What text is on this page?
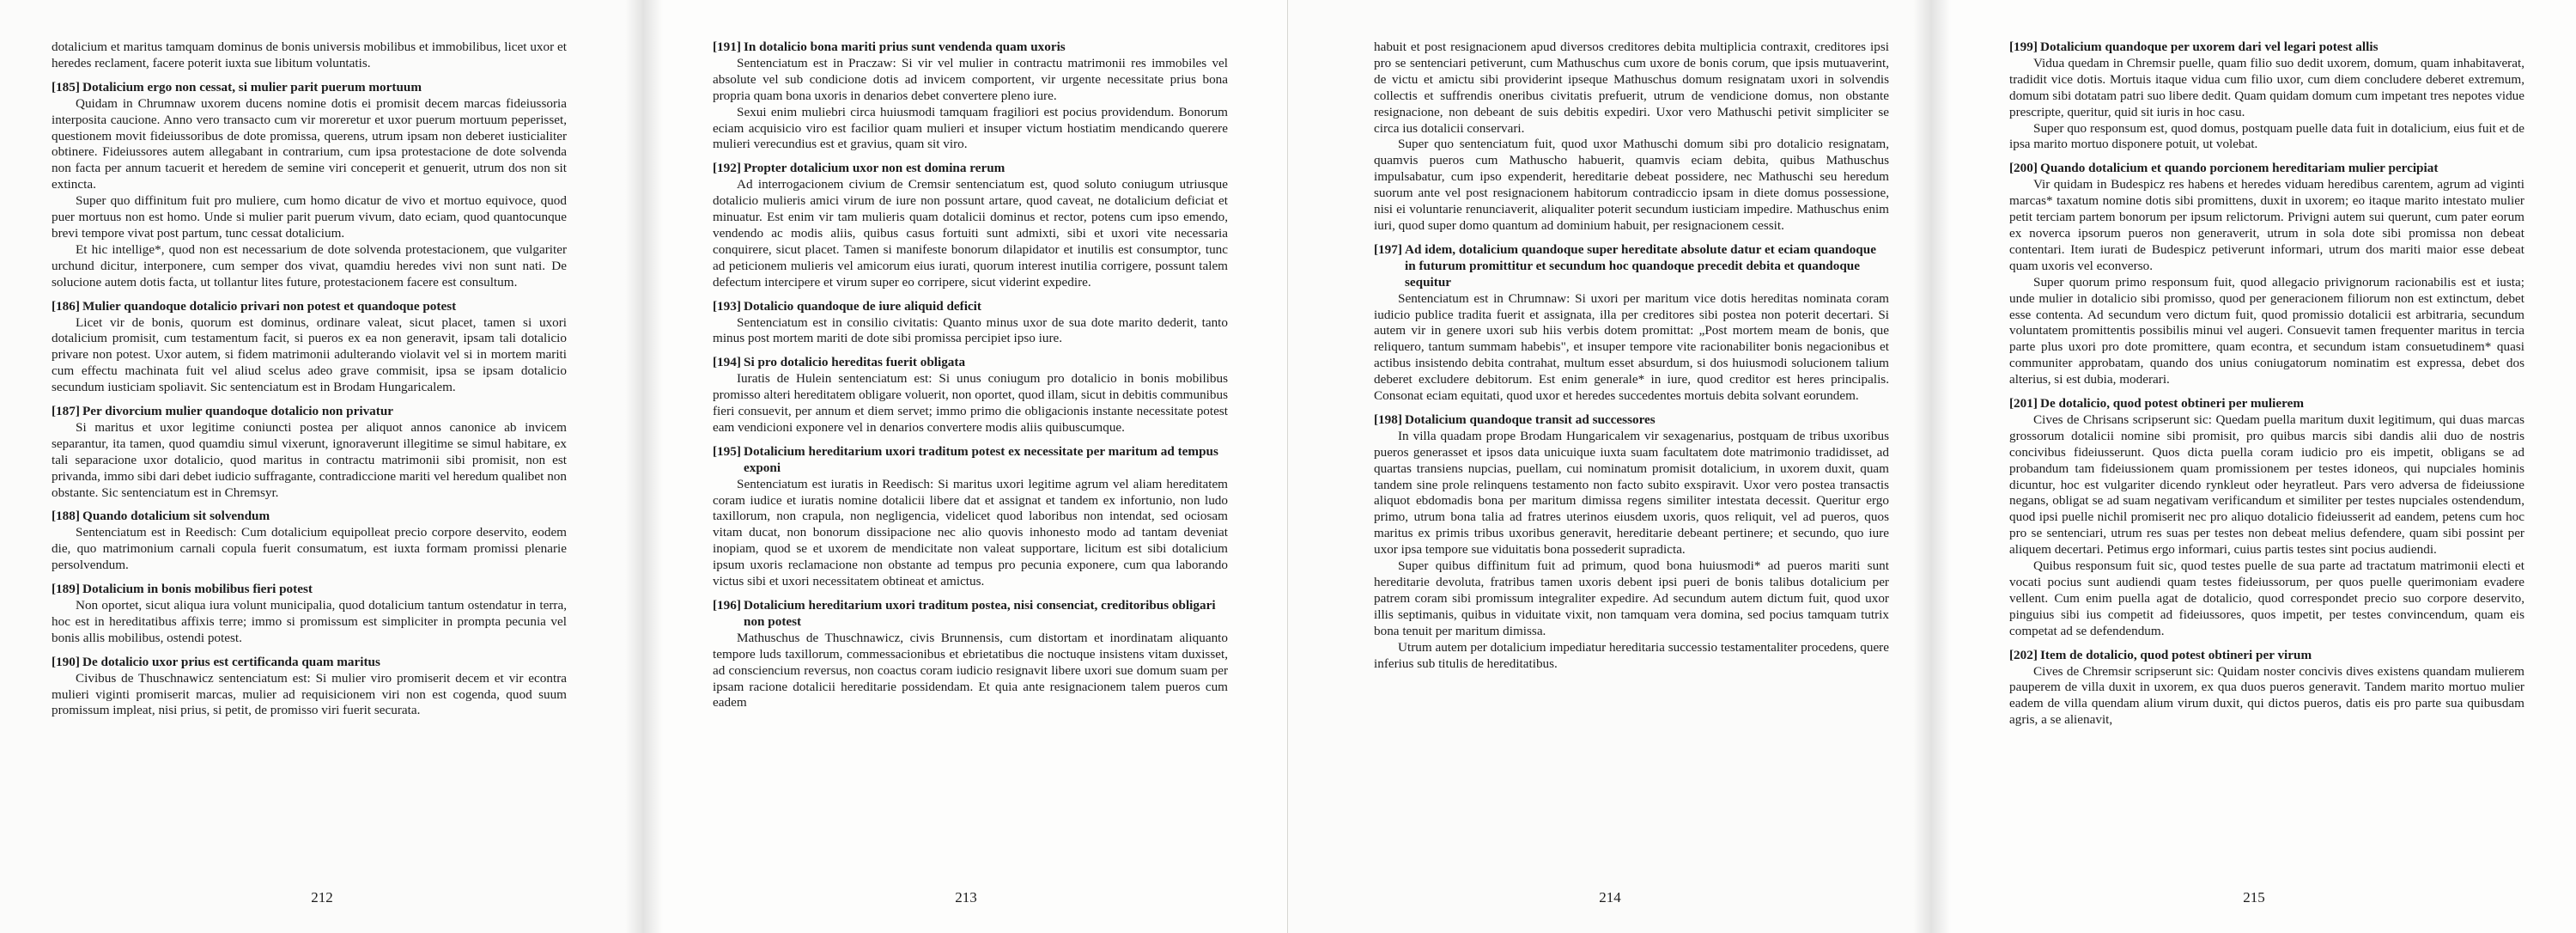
dotalicium et maritus tamquam dominus de bonis universis mobilibus et immobilibus, licet uxor et heredes reclament, facere poterit iuxta sue libitum voluntatis.

[185] Dotalicium ergo non cessat, si mulier parit puerum mortuum

Quidam in Chrumnaw uxorem ducens nomine dotis ei promisit decem marcas fideiussoria interposita caucione. Anno vero transacto cum vir moreretur et uxor puerum mortuum peperisset, questionem movit fideiussoribus de dote promissa, querens, utrum ipsam non deberet iusticialiter obtinere. Fideiussores autem allegabant in contrarium, cum ipsa protestacione de dote solvenda non facta per annum tacuerit et heredem de semine viri conceperit et genuerit, utrum dos non sit extincta.

Super quo diffinitum fuit pro muliere, cum homo dicatur de vivo et mortuo equivoce, quod puer mortuus non est homo. Unde si mulier parit puerum vivum, dato eciam, quod quantocunque brevi tempore vivat post partum, tunc cessat dotalicium.

Et hic intellige*, quod non est necessarium de dote solvenda protestacionem, que vulgariter urchund dicitur, interponere, cum semper dos vivat, quamdiu heredes vivi non sunt nati. De solucione autem dotis facta, ut tollantur lites future, protestacionem facere est consultum.

[186] Mulier quandoque dotalicio privari non potest et quandoque potest

Licet vir de bonis, quorum est dominus, ordinare valeat, sicut placet, tamen si uxori dotalicium promisit, cum testamentum facit, si pueros ex ea non generavit, ipsam tali dotalicio privare non potest. Uxor autem, si fidem matrimonii adulterando violavit vel si in mortem mariti cum effectu machinata fuit vel aliud scelus adeo grave commisit, ipsa se ipsam dotalicio secundum iusticiam spoliavit. Sic sentenciatum est in Brodam Hungaricalem.

[187] Per divorcium mulier quandoque dotalicio non privatur

Si maritus et uxor legitime coniuncti postea per aliquot annos canonice ab invicem separantur, ita tamen, quod quamdiu simul vixerunt, ignoraverunt illegitime se simul habitare, ex tali separacione uxor dotalicio, quod maritus in contractu matrimonii sibi promisit, non est privanda, immo sibi dari debet iudicio suffragante, contradiccione mariti vel heredum qualibet non obstante. Sic sentenciatum est in Chremsyr.

[188] Quando dotalicium sit solvendum

Sentenciatum est in Reedisch: Cum dotalicium equipolleat precio corpore deservito, eodem die, quo matrimonium carnali copula fuerit consumatum, est iuxta formam promissi plenarie persolvendum.

[189] Dotalicium in bonis mobilibus fieri potest

Non oportet, sicut aliqua iura volunt municipalia, quod dotalicium tantum ostendatur in terra, hoc est in hereditatibus affixis terre; immo si promissum est simpliciter in prompta pecunia vel bonis allis mobilibus, ostendi potest.

[190] De dotalicio uxor prius est certificanda quam maritus

Civibus de Thuschnawicz sentenciatum est: Si mulier viro promiserit decem et vir econtra mulieri viginti promiserit marcas, mulier ad requisicionem viri non est cogenda, quod suum promissum impleat, nisi prius, si petit, de promisso viri fuerit securata.

212
[191] In dotalicio bona mariti prius sunt vendenda quam uxoris

Sentenciatum est in Praczaw: Si vir vel mulier in contractu matrimonii res immobiles vel absolute vel sub condicione dotis ad invicem comportent, vir urgente necessitate prius bona propria quam bona uxoris in denarios debet convertere pleno iure.

Sexui enim muliebri circa huiusmodi tamquam fragiliori est pocius providendum. Bonorum eciam acquisicio viro est facilior quam mulieri et insuper victum hostiatim mendicando querere mulieri verecundius est et gravius, quam sit viro.

[192] Propter dotalicium uxor non est domina rerum

Ad interrogacionem civium de Cremsir sentenciatum est, quod soluto coniugum utriusque dotalicio mulieris amici virum de iure non possunt artare, quod caveat, ne dotalicium deficiat et minuatur. Est enim vir tam mulieris quam dotalicii dominus et rector, potens cum ipso emendo, vendendo ac modis aliis, quibus casus fortuiti sunt admixti, sibi et uxori vite necessaria conquirere, sicut placet. Tamen si manifeste bonorum dilapidator et inutilis est consumptor, tunc ad peticionem mulieris vel amicorum eius iurati, quorum interest inutilia corrigere, possunt talem defectum intercipere et virum super eo corripere, sicut viderint expedire.

[193] Dotalicio quandoque de iure aliquid deficit

Sentenciatum est in consilio civitatis: Quanto minus uxor de sua dote marito dederit, tanto minus post mortem mariti de dote sibi promissa percipiet ipso iure.

[194] Si pro dotalicio hereditas fuerit obligata

Iuratis de Hulein sentenciatum est: Si unus coniugum pro dotalicio in bonis mobilibus promisso alteri hereditatem obligare voluerit, non oportet, quod illam, sicut in debitis communibus fieri consuevit, per annum et diem servet; immo primo die obligacionis instante necessitate potest eam vendicioni exponere vel in denarios convertere modis aliis quibuscumque.

[195] Dotalicium hereditarium uxori traditum potest ex necessitate per maritum ad tempus exponi

Sentenciatum est iuratis in Reedisch: Si maritus uxori legitime agrum vel aliam hereditatem coram iudice et iuratis nomine dotalicii libere dat et assignat et tandem ex infortunio, non ludo taxillorum, non crapula, non negligencia, videlicet quod laboribus non intendat, sed ociosam vitam ducat, non bonorum dissipacione nec alio quovis inhonesto modo ad tantam deveniat inopiam, quod se et uxorem de mendicitate non valeat supportare, licitum est sibi dotalicium ipsum uxoris reclamacione non obstante ad tempus pro pecunia exponere, cum qua laborando victus sibi et uxori necessitatem obtineat et amictus.

[196] Dotalicium hereditarium uxori traditum postea, nisi consenciat, creditoribus obligari non potest

Mathuschus de Thuschnawicz, civis Brunnensis, cum distortam et inordinatam aliquanto tempore luds taxillorum, commessacionibus et ebrietatibus die noctuque insistens vitam duxisset, ad consciencium reversus, non coactus coram iudicio resignavit libere uxori sue domum suam per ipsam racione dotalicii hereditarie possidendam. Et quia ante resignacionem talem pueros cum eadem

213

habuit et post resignacionem apud diversos creditores debita multiplicia contraxit, creditores ipsi pro se sentenciari petiverunt, cum Mathuschus cum uxore de bonis corum, que ipsis mutuaverint, de victu et amictu sibi providerint ipseque Mathuschus domum resignatam uxori in solvendis collectis et suffrendis oneribus civitatis prefuerit, utrum de vendicione domus, non obstante resignacione, non debeant de suis debitis expediri. Uxor vero Mathuschi petivit simpliciter se circa ius dotalicii conservari.

Super quo sentenciatum fuit, quod uxor Mathuschi domum sibi pro dotalicio resignatam, quamvis pueros cum Mathuscho habuerit, quamvis eciam debita, quibus Mathuschus impulsabatur, cum ipso expenderit, hereditarie debeat possidere, nec Mathuschi seu heredum suorum ante vel post resignacionem habitorum contradiccio ipsam in diete domus possessione, nisi ei voluntarie renunciaverit, aliqualiter poterit secundum iusticiam impedire. Mathuschus enim iuri, quod super domo quantum ad dominium habuit, per resignacionem cessit.

[197] Ad idem, dotalicium quandoque super hereditate absolute datur et eciam quandoque in futurum promittitur et secundum hoc quandoque precedit debita et quandoque sequitur

Sentenciatum est in Chrumnaw: Si uxori per maritum vice dotis hereditas nominata coram iudicio publice tradita fuerit et assignata, illa per creditores sibi postea non poterit decertari. Si autem vir in genere uxori sub hiis verbis dotem promittat: „Post mortem meam de bonis, que reliquero, tantum summam habebis", et insuper tempore vite racionabiliter bonis negacionibus et actibus insistendo debita contrahat, multum esset absurdum, si dos huiusmodi solucionem talium deberet excludere debitorum. Est enim generale* in iure, quod creditor est heres principalis. Consonat eciam equitati, quod uxor et heredes succedentes mortuis debita solvant eorundem.

[198] Dotalicium quandoque transit ad successores

In villa quadam prope Brodam Hungaricalem vir sexagenarius, postquam de tribus uxoribus pueros generasset et ipsos data unicuique iuxta suam facultatem dote matrimonio tradidisset, ad quartas transiens nupcias, puellam, cui nominatum promisit dotalicium, in uxorem duxit, quam tandem sine prole relinquens testamento non facto subito exspiravit. Uxor vero postea transactis aliquot ebdomadis bona per maritum dimissa regens similiter intestata decessit. Queritur ergo primo, utrum bona talia ad fratres uterinos eiusdem uxoris, quos reliquit, vel ad pueros, quos maritus ex primis tribus uxoribus generavit, hereditarie debeant pertinere; et secundo, quo iure uxor ipsa tempore sue viduitatis bona possederit supradicta.

Super quibus diffinitum fuit ad primum, quod bona huiusmodi* ad pueros mariti sunt hereditarie devoluta, fratribus tamen uxoris debent ipsi pueri de bonis talibus dotalicium per patrem coram sibi promissum integraliter expedire. Ad secundum autem dictum fuit, quod uxor illis septimanis, quibus in viduitate vixit, non tamquam vera domina, sed pocius tamquam tutrix bona tenuit per maritum dimissa.

Utrum autem per dotalicium impediatur hereditaria successio testamentaliter procedens, quere inferius sub titulis de hereditatibus.

214
[199] Dotalicium quandoque per uxorem dari vel legari potest allis

Vidua quedam in Chremsir puelle, quam filio suo dedit uxorem, domum, quam inhabitaverat, tradidit vice dotis. Mortuis itaque vidua cum filio uxor, cum diem concludere deberet extremum, domum sibi dotatam patri suo libere dedit. Quam quidam domum cum impetant tres nepotes vidue prescripte, queritur, quid sit iuris in hoc casu.

Super quo responsum est, quod domus, postquam puelle data fuit in dotalicium, eius fuit et de ipsa marito mortuo disponere potuit, ut volebat.

[200] Quando dotalicium et quando porcionem hereditariam mulier percipiat

Vir quidam in Budespicz res habens et heredes viduam heredibus carentem, agrum ad viginti marcas* taxatum nomine dotis sibi promittens, duxit in uxorem; eo itaque marito intestato mulier petit terciam partem bonorum per ipsum relictorum. Privigni autem sui querunt, cum pater eorum ex noverca ipsorum pueros non generaverit, utrum in sola dote sibi promissa non debeat contentari. Item iurati de Budespicz petiverunt informari, utrum dos mariti maior esse debeat quam uxoris vel econverso.

Super quorum primo responsum fuit, quod allegacio privignorum racionabilis est et iusta; unde mulier in dotalicio sibi promisso, quod per generacionem filiorum non est extinctum, debet esse contenta. Ad secundum vero dictum fuit, quod promissio dotalicii est arbitraria, secundum voluntatem promittentis possibilis minui vel augeri. Consuevit tamen frequenter maritus in tercia parte plus uxori pro dote promittere, quam econtra, et secundum istam consuetudinem* quasi communiter approbatam, quando dos unius coniugatorum nominatim est expressa, debet dos alterius, si est dubia, moderari.

[201] De dotalicio, quod potest obtineri per mulierem

Cives de Chrisans scripserunt sic: Quedam puella maritum duxit legitimum, qui duas marcas grossorum dotalicii nomine sibi promisit, pro quibus marcis sibi dandis alii duo de nostris concivibus fideiusserunt. Quos dicta puella coram iudicio pro eis impetit, obligans se ad probandum tam fideiussionem quam promissionem per testes idoneos, qui nupciales hominis dicuntur, hoc est vulgariter dicendo rynkleut oder heyratleut. Pars vero adversa de fideiussione negans, obligat se ad suam negativam verificandum et similiter per testes nupciales ostendendum, quod ipsi puelle nichil promiserit nec pro aliquo dotalicio fideiusserit ad eandem, petens cum hoc pro se sentenciari, utrum res suas per testes non debeat melius defendere, quam sibi possint per aliquem decertari. Petimus ergo informari, cuius partis testes sint pocius audiendi.

Quibus responsum fuit sic, quod testes puelle de sua parte ad tractatum matrimonii electi et vocati pocius sunt audiendi quam testes fideiussorum, per quos puelle querimoniam evadere vellent. Cum enim puella agat de dotalicio, quod correspondet precio suo corpore deservito, pinguius sibi ius competit ad fideiussores, quos impetit, per testes convincendum, quam eis competat ad se defendendum.

[202] Item de dotalicio, quod potest obtineri per virum

Cives de Chremsir scripserunt sic: Quidam noster concivis dives existens quandam mulierem pauperem de villa duxit in uxorem, ex qua duos pueros generavit. Tandem marito mortuo mulier eadem de villa quendam alium virum duxit, qui dictos pueros, datis eis pro parte sua quibusdam agris, a se alienavit,

215
